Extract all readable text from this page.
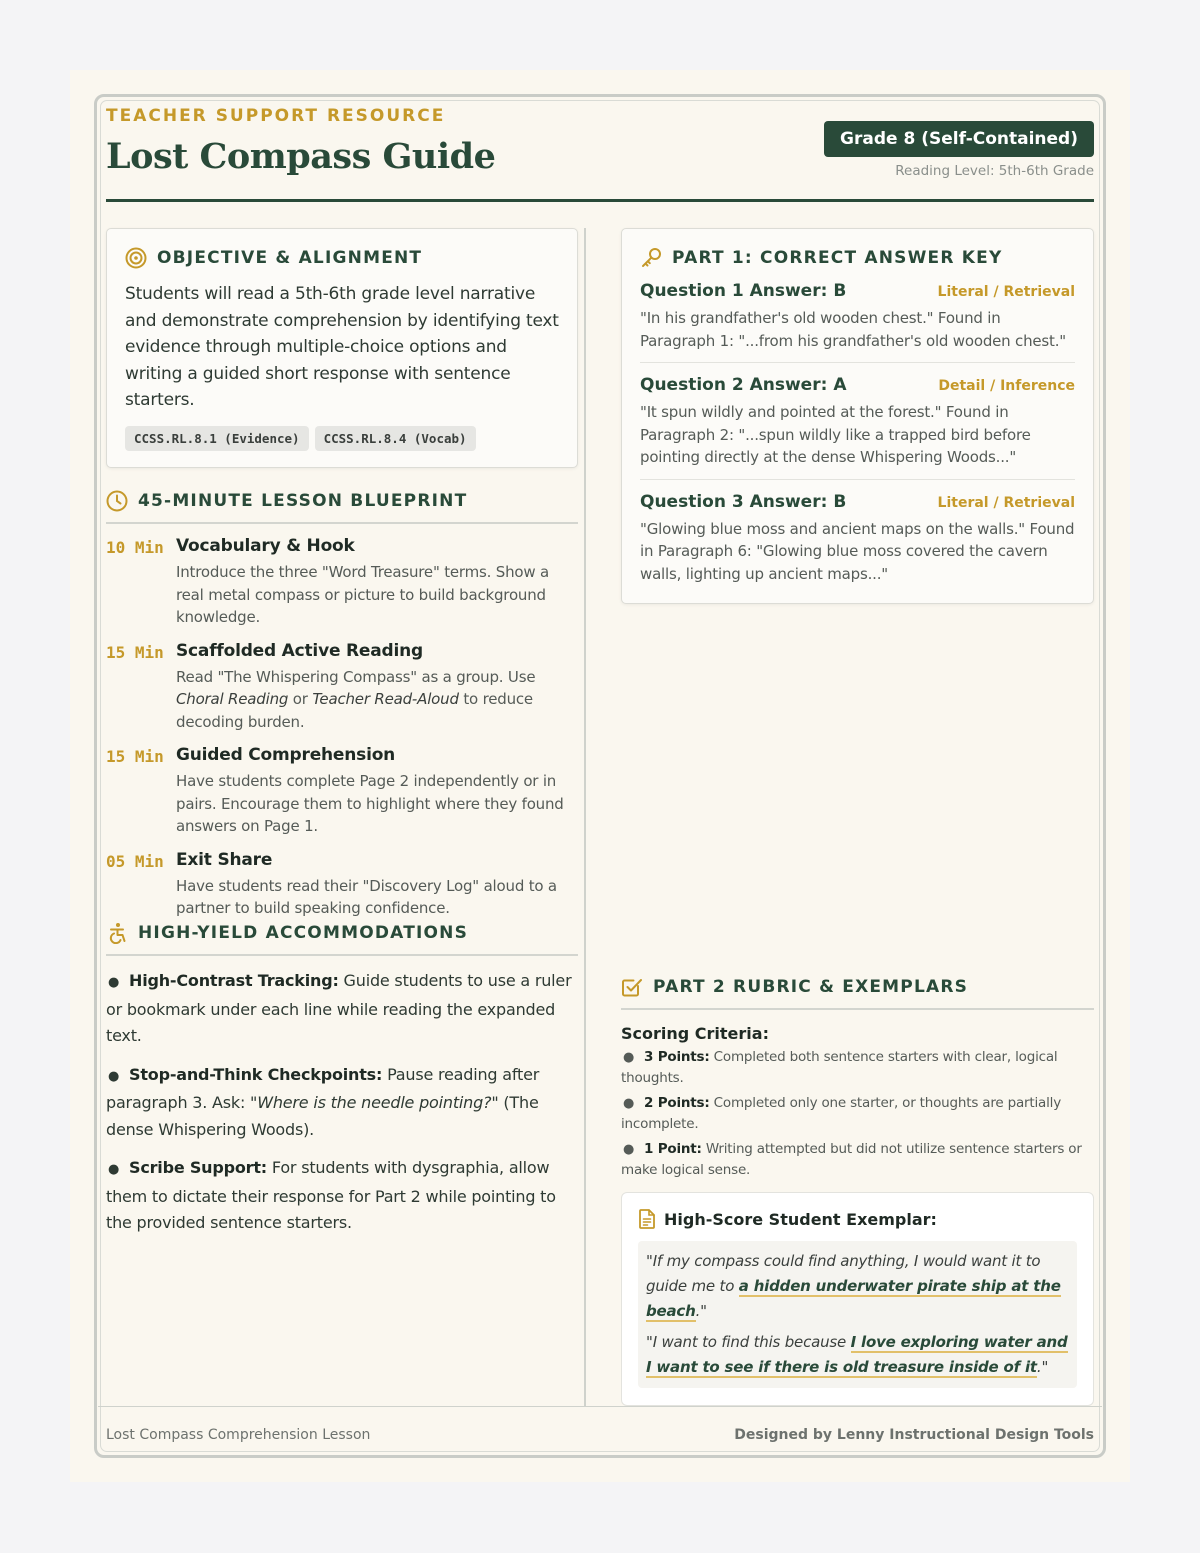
TEACHER SUPPORT RESOURCE
Lost Compass Guide	Grade 8 (Self-Contained)
Reading Level: 5th-6th Grade
OBJECTIVE & ALIGNMENT
Students will read a 5th-6th grade level narrative and demonstrate comprehension by identifying text evidence through multiple-choice options and writing a guided short response with sentence starters.
CCSS.RL.8.1 (Evidence)	CCSS.RL.8.4 (Vocab)
45-MINUTE LESSON BLUEPRINT
10 Min Vocabulary & Hook
Introduce the three "Word Treasure" terms. Show a real metal compass or picture to build background knowledge.
15 Min Scaffolded Active Reading
Read "The Whispering Compass" as a group. Use Choral Reading or Teacher Read-Aloud to reduce decoding burden.
15 Min Guided Comprehension
Have students complete Page 2 independently or in pairs. Encourage them to highlight where they found answers on Page 1.
05 Min Exit Share
Have students read their "Discovery Log" aloud to a partner to build speaking confidence.
HIGH-YIELD ACCOMMODATIONS
● High-Contrast Tracking: Guide students to use a ruler or bookmark under each line while reading the expanded text.
● Stop-and-Think Checkpoints: Pause reading after paragraph 3. Ask: "Where is the needle pointing?" (The dense Whispering Woods).
● Scribe Support: For students with dysgraphia, allow them to dictate their response for Part 2 while pointing to the provided sentence starters.
PART 1: CORRECT ANSWER KEY
Question 1 Answer: B	Literal / Retrieval
"In his grandfather's old wooden chest." Found in Paragraph 1: "...from his grandfather's old wooden chest."
Question 2 Answer: A	Detail / Inference
"It spun wildly and pointed at the forest." Found in Paragraph 2: "...spun wildly like a trapped bird before pointing directly at the dense Whispering Woods..."
Question 3 Answer: B	Literal / Retrieval
"Glowing blue moss and ancient maps on the walls." Found in Paragraph 6: "Glowing blue moss covered the cavern walls, lighting up ancient maps..."
PART 2 RUBRIC & EXEMPLARS
Scoring Criteria:
● 3 Points: Completed both sentence starters with clear, logical thoughts.
● 2 Points: Completed only one starter, or thoughts are partially incomplete.
● 1 Point: Writing attempted but did not utilize sentence starters or make logical sense.
High-Score Student Exemplar:
"If my compass could find anything, I would want it to guide me to a hidden underwater pirate ship at the beach."
"I want to find this because I love exploring water and I want to see if there is old treasure inside of it."
Lost Compass Comprehension Lesson	Designed by Lenny Instructional Design Tools
